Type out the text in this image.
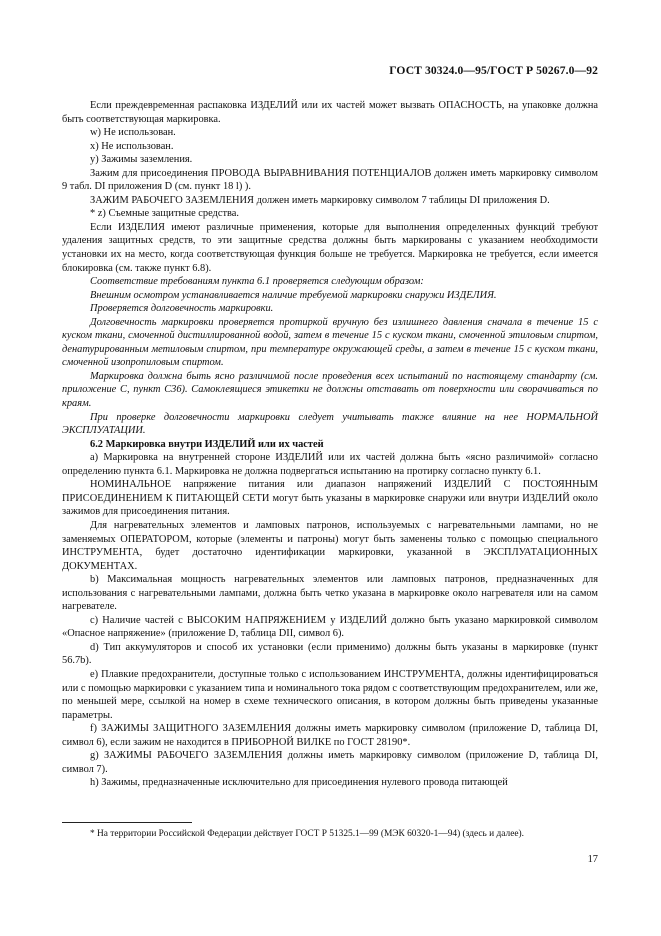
ГОСТ 30324.0—95/ГОСТ Р 50267.0—92

Если преждевременная распаковка ИЗДЕЛИЙ или их частей может вызвать ОПАСНОСТЬ, на упаковке должна быть соответствующая маркировка.

w) Не использован.

x) Не использован.

y) Зажимы заземления.

Зажим для присоединения ПРОВОДА ВЫРАВНИВАНИЯ ПОТЕНЦИАЛОВ должен иметь маркировку символом 9 табл. DI приложения D (см. пункт 18 l) ).

ЗАЖИМ РАБОЧЕГО ЗАЗЕМЛЕНИЯ должен иметь маркировку символом 7 таблицы DI приложения D.

* z) Съемные защитные средства.

Если ИЗДЕЛИЯ имеют различные применения, которые для выполнения определенных функций требуют удаления защитных средств, то эти защитные средства должны быть маркированы с указанием необходимости установки их на место, когда соответствующая функция больше не требуется. Маркировка не требуется, если имеется блокировка (см. также пункт 6.8).

Соответствие требованиям пункта 6.1 проверяется следующим образом:

Внешним осмотром устанавливается наличие требуемой маркировки снаружи ИЗДЕЛИЯ.

Проверяется долговечность маркировки.

Долговечность маркировки проверяется протиркой вручную без излишнего давления сначала в течение 15 с куском ткани, смоченной дистиллированной водой, затем в течение 15 с куском ткани, смоченной этиловым спиртом, денатурированным метиловым спиртом, при температуре окружающей среды, а затем в течение 15 с куском ткани, смоченной изопропиловым спиртом.

Маркировка должна быть ясно различимой после проведения всех испытаний по настоящему стандарту (см. приложение С, пункт С36). Самоклеящиеся этикетки не должны отставать от поверхности или сворачиваться по краям.

При проверке долговечности маркировки следует учитывать также влияние на нее НОРМАЛЬНОЙ ЭКСПЛУАТАЦИИ.

6.2 Маркировка внутри ИЗДЕЛИЙ или их частей

а) Маркировка на внутренней стороне ИЗДЕЛИЙ или их частей должна быть «ясно различимой» согласно определению пункта 6.1. Маркировка не должна подвергаться испытанию на протирку согласно пункту 6.1.

НОМИНАЛЬНОЕ напряжение питания или диапазон напряжений ИЗДЕЛИЙ С ПОСТОЯННЫМ ПРИСОЕДИНЕНИЕМ К ПИТАЮЩЕЙ СЕТИ могут быть указаны в маркировке снаружи или внутри ИЗДЕЛИЙ около зажимов для присоединения питания.

Для нагревательных элементов и ламповых патронов, используемых с нагревательными лампами, но не заменяемых ОПЕРАТОРОМ, которые (элементы и патроны) могут быть заменены только с помощью специального ИНСТРУМЕНТА, будет достаточно идентификации маркировки, указанной в ЭКСПЛУАТАЦИОННЫХ ДОКУМЕНТАХ.

b) Максимальная мощность нагревательных элементов или ламповых патронов, предназначенных для использования с нагревательными лампами, должна быть четко указана в маркировке около нагревателя или на самом нагревателе.

c) Наличие частей с ВЫСОКИМ НАПРЯЖЕНИЕМ у ИЗДЕЛИЙ должно быть указано маркировкой символом «Опасное напряжение» (приложение D, таблица DII, символ 6).

d) Тип аккумуляторов и способ их установки (если применимо) должны быть указаны в маркировке (пункт 56.7b).

e) Плавкие предохранители, доступные только с использованием ИНСТРУМЕНТА, должны идентифицироваться или с помощью маркировки с указанием типа и номинального тока рядом с соответствующим предохранителем, или же, по меньшей мере, ссылкой на номер в схеме технического описания, в котором должны быть приведены указанные параметры.

f) ЗАЖИМЫ ЗАЩИТНОГО ЗАЗЕМЛЕНИЯ должны иметь маркировку символом (приложение D, таблица DI, символ 6), если зажим не находится в ПРИБОРНОЙ ВИЛКЕ по ГОСТ 28190*.

g) ЗАЖИМЫ РАБОЧЕГО ЗАЗЕМЛЕНИЯ должны иметь маркировку символом (приложение D, таблица DI, символ 7).

h) Зажимы, предназначенные исключительно для присоединения нулевого провода питающей

* На территории Российской Федерации действует ГОСТ Р 51325.1—99 (МЭК 60320-1—94) (здесь и далее).
17
